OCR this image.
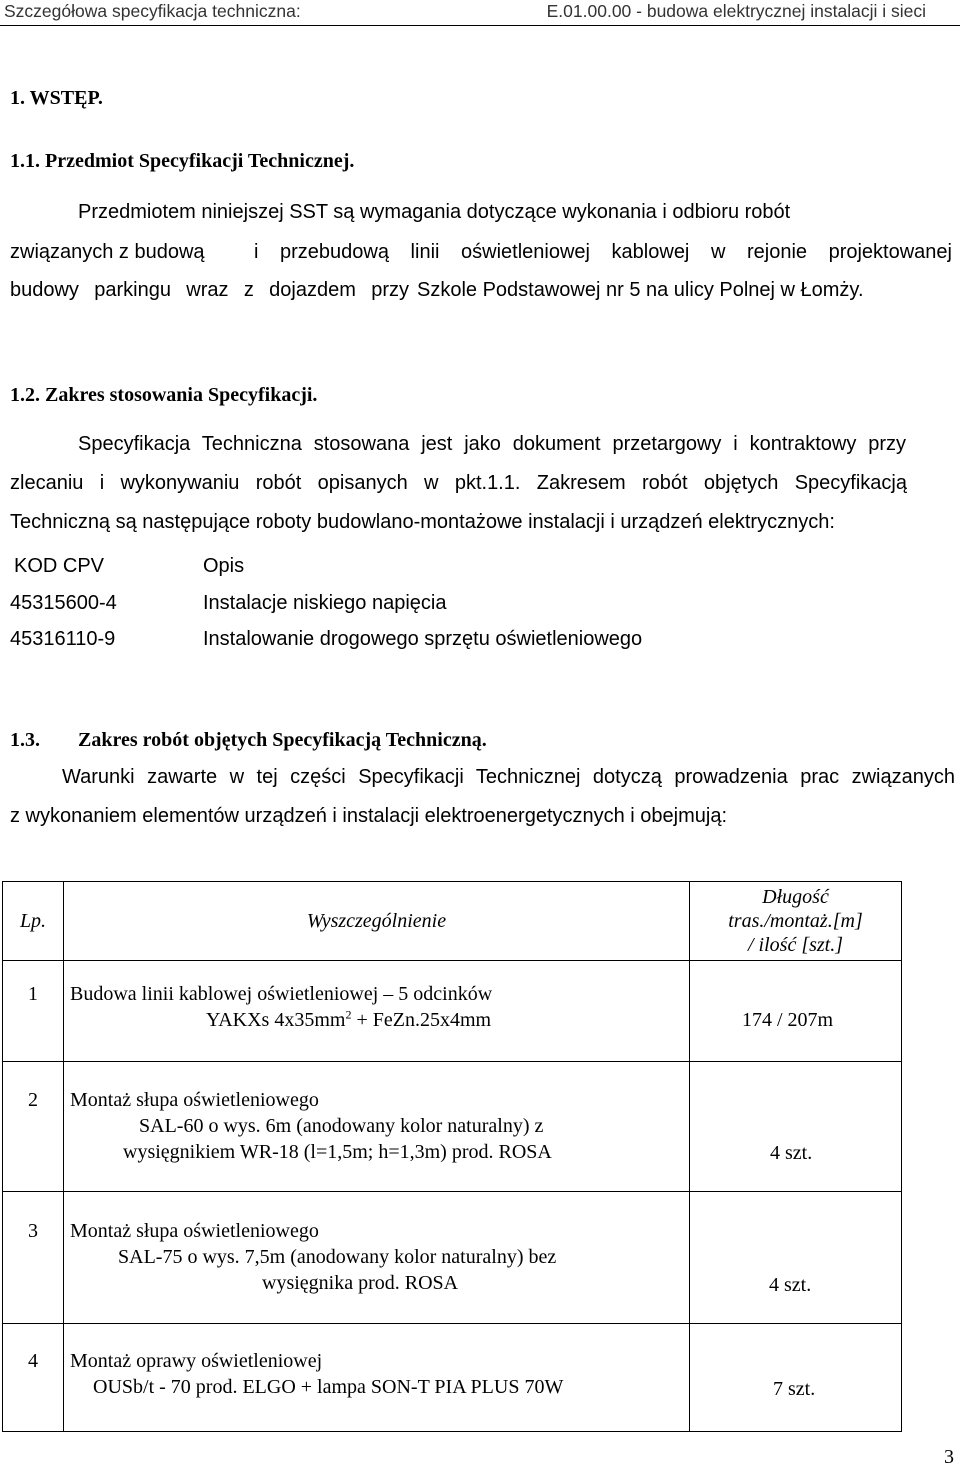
Szczegółowa specyfikacja techniczna:	E.01.00.00 - budowa elektrycznej instalacji i sieci
1. WSTĘP.
1.1. Przedmiot Specyfikacji Technicznej.
Przedmiotem niniejszej SST są wymagania dotyczące wykonania i odbioru robót
związanych z budową i przebudową linii oświetleniowej kablowej w rejonie projektowanej
budowy parkingu wraz z dojazdem przy Szkole Podstawowej nr 5 na ulicy Polnej w Łomży.
1.2. Zakres stosowania Specyfikacji.
Specyfikacja Techniczna stosowana jest jako dokument przetargowy i kontraktowy przy
zlecaniu i wykonywaniu robót opisanych w pkt.1.1. Zakresem robót objętych Specyfikacją
Techniczną są następujące roboty budowlano-montażowe instalacji i urządzeń elektrycznych:
KOD CPV	Opis
45315600-4	Instalacje niskiego napięcia
45316110-9	Instalowanie drogowego sprzętu oświetleniowego
1.3. Zakres robót objętych Specyfikacją Techniczną.
Warunki zawarte w tej części Specyfikacji Technicznej dotyczą prowadzenia prac związanych
z wykonaniem elementów urządzeń i instalacji elektroenergetycznych i obejmują:
Lp.	Wyszczególnienie	Długość
tras./montaż.[m]
/ ilość [szt.]

1	Budowa linii kablowej oświetleniowej – 5 odcinków
YAKXs $4x35mm^2$ + FeZn.25x4mm	174 / 207m

2	Montaż słupa oświetleniowego
SAL-60 o wys. 6m (anodowany kolor naturalny) z
wysięgnikiem WR-18 (l=1,5m; h=1,3m) prod. ROSA	4 szt.

3	Montaż słupa oświetleniowego
SAL-75 o wys. 7,5m (anodowany kolor naturalny) bez
wysięgnika prod. ROSA	4 szt.

4	Montaż oprawy oświetleniowej
OUSb/t - 70 prod. ELGO + lampa SON-T PIA PLUS 70W	7 szt.
3
